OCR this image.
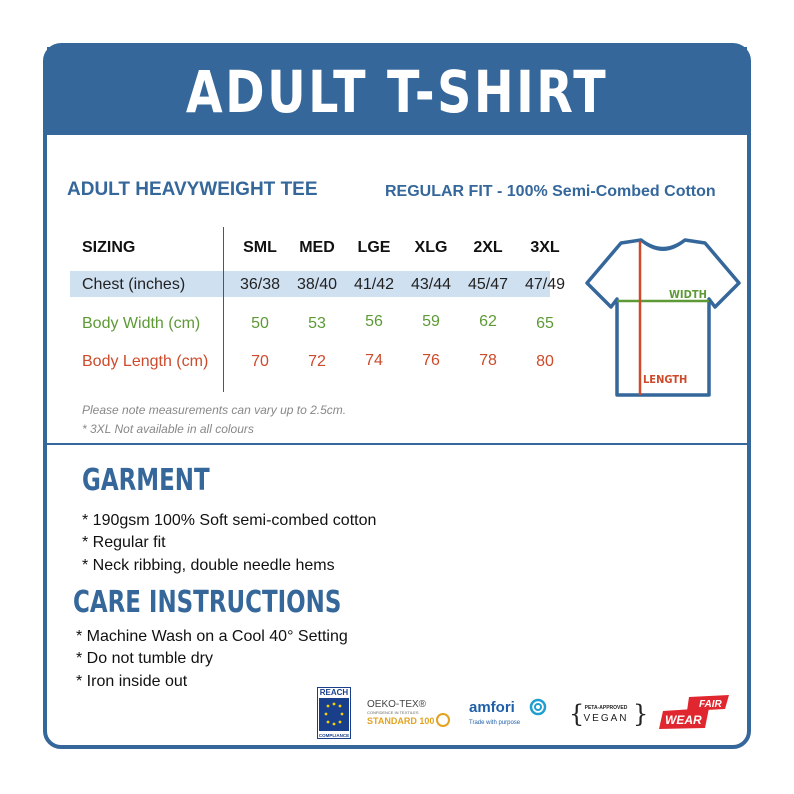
ADULT T-SHIRT
ADULT HEAVYWEIGHT TEE	REGULAR FIT - 100% Semi-Combed Cotton
SIZING	SML	MED	LGE	XLG	2XL	3XL
Chest (inches)	36/38	38/40	41/42	43/44	45/47	47/49
Body Width (cm)	50	53	56	59	62	65
Body Length (cm)	70	72	74	76	78	80
WIDTH
LENGTH
Please note measurements can vary up to 2.5cm.
* 3XL Not available in all colours
GARMENT
* 190gsm 100% Soft semi-combed cotton
* Regular fit
* Neck ribbing, double needle hems
CARE INSTRUCTIONS
* Machine Wash on a Cool 40° Setting
* Do not tumble dry
* Iron inside out
REACH
COMPLIANCE
OEKO-TEX®
CONFIDENCE IN TEXTILES
STANDARD 100
amfori
Trade with purpose { }
PETA-APPROVED
VEGAN
FAIR
WEAR
